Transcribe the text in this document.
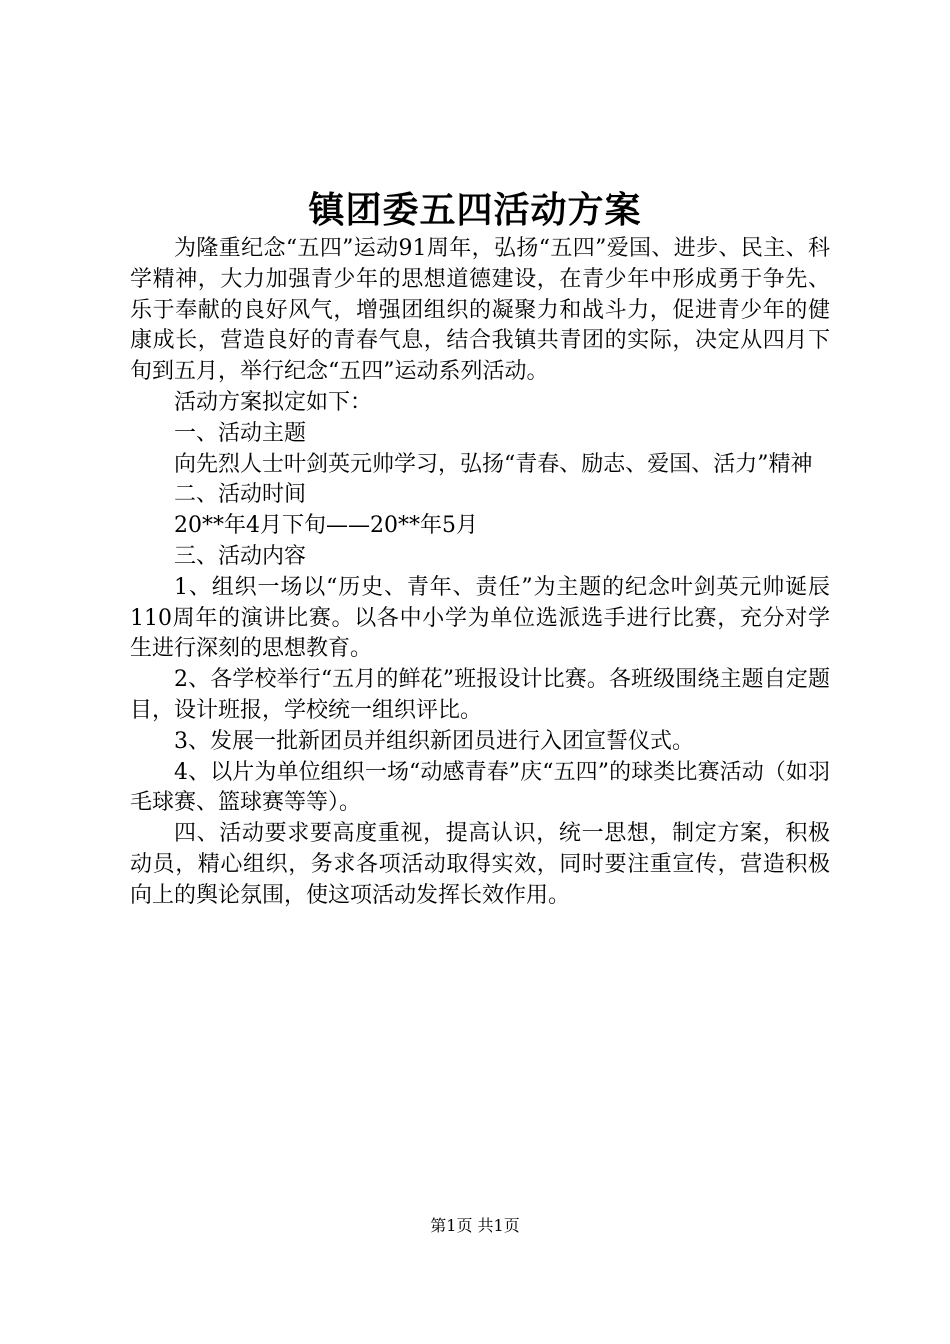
镇团委五四活动方案

为隆重纪念“五四”运动91周年，弘扬“五四”爱国、进步、民主、科学精神，大力加强青少年的思想道德建设，在青少年中形成勇于争先、乐于奉献的良好风气，增强团组织的凝聚力和战斗力，促进青少年的健康成长，营造良好的青春气息，结合我镇共青团的实际，决定从四月下旬到五月，举行纪念“五四”运动系列活动。

活动方案拟定如下：

一、活动主题

向先烈人士叶剑英元帅学习，弘扬“青春、励志、爱国、活力”精神

二、活动时间

20**年4月下旬——20**年5月

三、活动内容

1、组织一场以“历史、青年、责任”为主题的纪念叶剑英元帅诞辰110周年的演讲比赛。以各中小学为单位选派选手进行比赛，充分对学生进行深刻的思想教育。

2、各学校举行“五月的鲜花”班报设计比赛。各班级围绕主题自定题目，设计班报，学校统一组织评比。

3、发展一批新团员并组织新团员进行入团宣誓仪式。

4、以片为单位组织一场“动感青春”庆“五四”的球类比赛活动（如羽毛球赛、篮球赛等等）。

四、活动要求要高度重视，提高认识，统一思想，制定方案，积极动员，精心组织，务求各项活动取得实效，同时要注重宣传，营造积极向上的舆论氛围，使这项活动发挥长效作用。

第1页 共1页
